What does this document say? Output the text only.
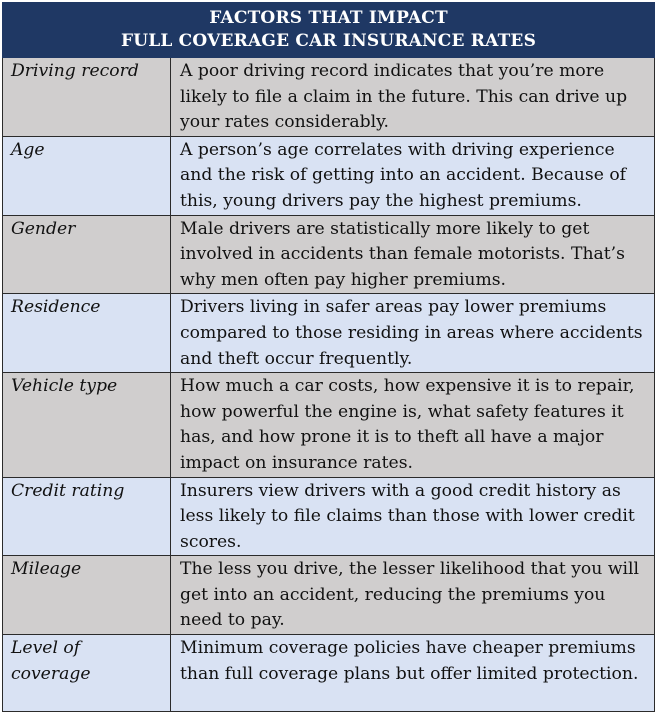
FACTORS THAT IMPACT
FULL COVERAGE CAR INSURANCE RATES	

Driving record	A poor driving record indicates that you’re more likely to file a claim in the future. This can drive up your rates considerably.
Age	A person’s age correlates with driving experience and the risk of getting into an accident. Because of this, young drivers pay the highest premiums.
Gender	Male drivers are statistically more likely to get involved in accidents than female motorists. That’s why men often pay higher premiums.
Residence	Drivers living in safer areas pay lower premiums compared to those residing in areas where accidents and theft occur frequently.
Vehicle type	How much a car costs, how expensive it is to repair, how powerful the engine is, what safety features it has, and how prone it is to theft all have a major impact on insurance rates.
Credit rating	Insurers view drivers with a good credit history as less likely to file claims than those with lower credit scores.
Mileage	The less you drive, the lesser likelihood that you will get into an accident, reducing the premiums you need to pay.
Level of coverage	Minimum coverage policies have cheaper premiums than full coverage plans but offer limited protection.
